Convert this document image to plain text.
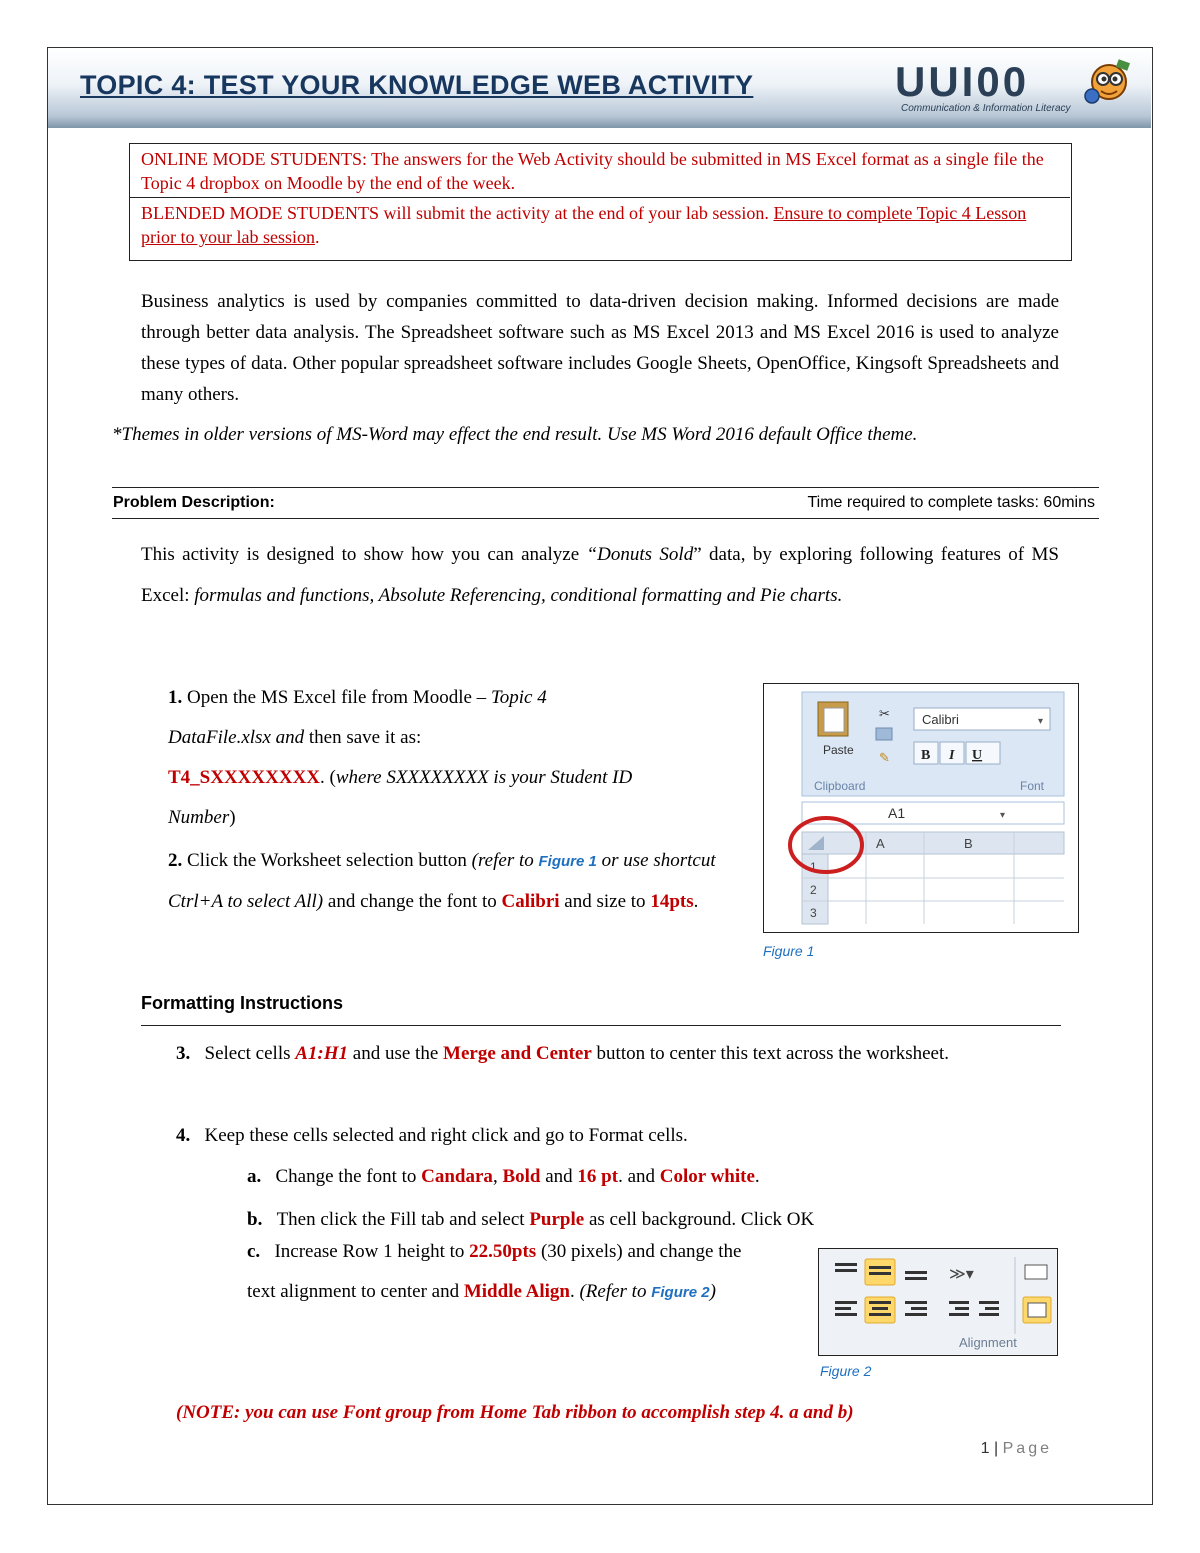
TOPIC 4: TEST YOUR KNOWLEDGE WEB ACTIVITY	UUI00
Communication & Information Literacy
ONLINE MODE STUDENTS: The answers for the Web Activity should be submitted in MS Excel format as a single file the Topic 4 dropbox on Moodle by the end of the week.
BLENDED MODE STUDENTS will submit the activity at the end of your lab session. Ensure to complete Topic 4 Lesson prior to your lab session.
Business analytics is used by companies committed to data-driven decision making. Informed decisions are made through better data analysis. The Spreadsheet software such as MS Excel 2013 and MS Excel 2016 is used to analyze these types of data. Other popular spreadsheet software includes Google Sheets, OpenOffice, Kingsoft Spreadsheets and many others.
*Themes in older versions of MS-Word may effect the end result. Use MS Word 2016 default Office theme.
Problem Description:	Time required to complete tasks: 60mins
This activity is designed to show how you can analyze “Donuts Sold” data, by exploring following features of MS Excel: formulas and functions, Absolute Referencing, conditional formatting and Pie charts.
1. Open the MS Excel file from Moodle – Topic 4 DataFile.xlsx and then save it as:
T4_SXXXXXXXX. (where SXXXXXXXX is your Student ID Number)
2. Click the Worksheet selection button (refer to Figure 1 or use shortcut Ctrl+A to select All) and change the font to Calibri and size to 14pts.
Paste
✂
✎
Clipboard
Calibri	▾
B I U
Font
A1	▾
A	B
1
2
3
Figure 1
Formatting Instructions
3. Select cells A1:H1 and use the Merge and Center button to center this text across the worksheet.
4. Keep these cells selected and right click and go to Format cells.
a. Change the font to Candara, Bold and 16 pt. and Color white.
b. Then click the Fill tab and select Purple as cell background. Click OK
c. Increase Row 1 height to 22.50pts (30 pixels) and change the text alignment to center and Middle Align. (Refer to Figure 2)
≫▾
Alignment
Figure 2
(NOTE: you can use Font group from Home Tab ribbon to accomplish step 4. a and b)
1 | Page
